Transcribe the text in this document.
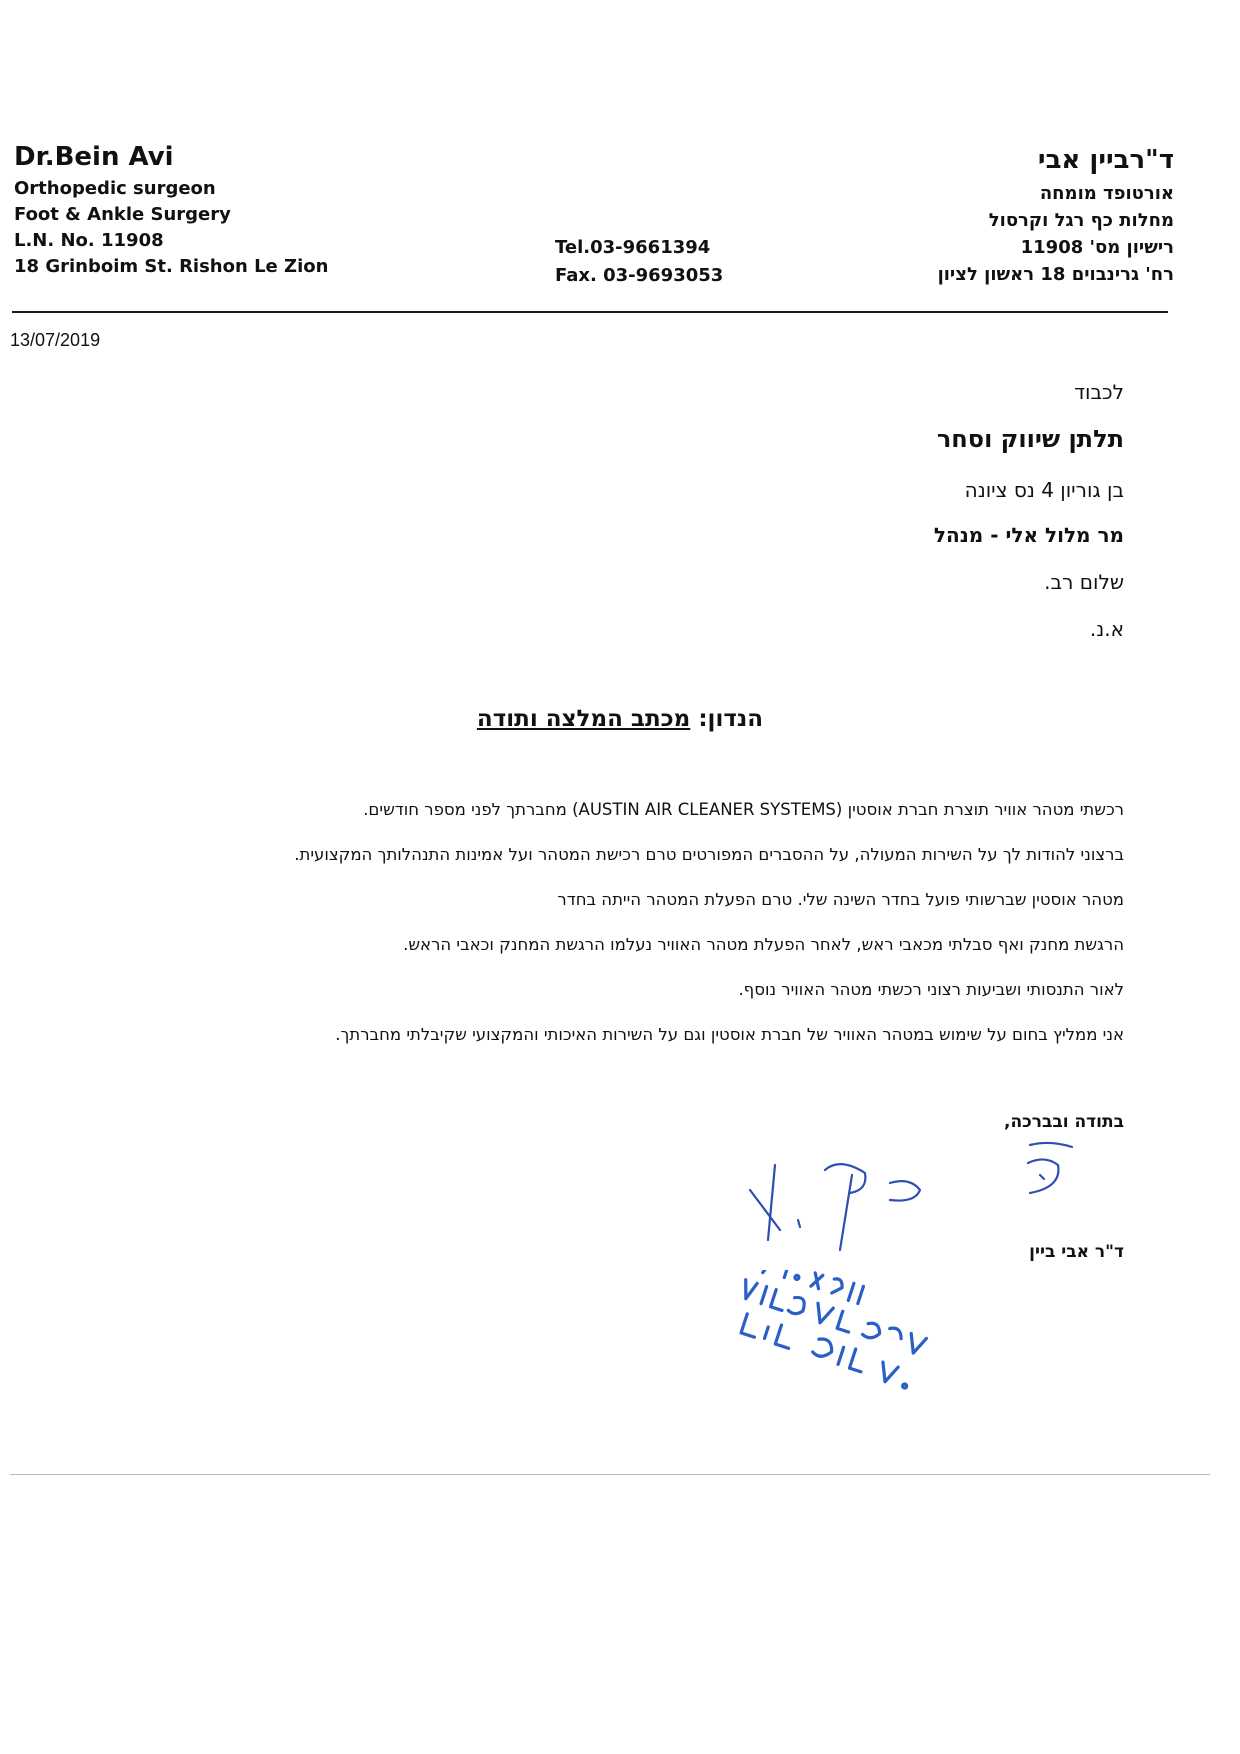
Dr.Bein Avi
Orthopedic surgeon
Foot & Ankle Surgery
L.N. No. 11908
18 Grinboim St. Rishon Le Zion
Tel.03-9661394
Fax. 03-9693053
ד"רביין אבי
אורטופד מומחה
מחלות כף רגל וקרסול
רישיון מס' 11908
רח' גרינבוים 18 ראשון לציון
13/07/2019
לכבוד
תלתן שיווק וסחר
בן גוריון 4 נס ציונה
מר מלול אלי - מנהל
שלום רב.
א.נ.
הנדון: מכתב המלצה ותודה
רכשתי מטהר אוויר תוצרת חברת אוסטין (AUSTIN AIR CLEANER SYSTEMS) מחברתך לפני מספר חודשים.
ברצוני להודות לך על השירות המעולה, על ההסברים המפורטים טרם רכישת המטהר ועל אמינות התנהלותך המקצועית.
מטהר אוסטין שברשותי פועל בחדר השינה שלי. טרם הפעלת המטהר הייתה בחדר
הרגשת מחנק ואף סבלתי מכאבי ראש, לאחר הפעלת מטהר האוויר נעלמו הרגשת המחנק וכאבי הראש.
לאור התנסותי ושביעות רצוני רכשתי מטהר האוויר נוסף.
אני ממליץ בחום על שימוש במטהר האוויר של חברת אוסטין וגם על השירות האיכותי והמקצועי שקיבלתי מחברתך.
בתודה ובברכה,
ד"ר אבי ביין
